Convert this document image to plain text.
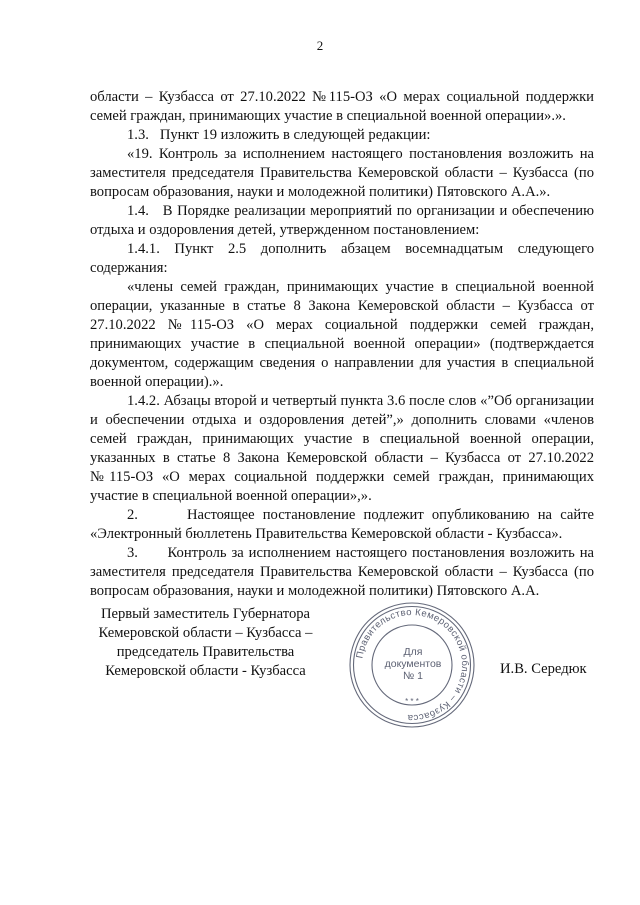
2

области – Кузбасса от 27.10.2022 №115-ОЗ «О мерах социальной поддержки семей граждан, принимающих участие в специальной военной операции».».

1.3.   Пункт 19 изложить в следующей редакции:

«19. Контроль за исполнением настоящего постановления возложить на заместителя председателя Правительства Кемеровской области – Кузбасса (по вопросам образования, науки и молодежной политики) Пятовского А.А.».

1.4.   В Порядке реализации мероприятий по организации и обеспечению отдыха и оздоровления детей, утвержденном постановлением:

1.4.1. Пункт 2.5 дополнить абзацем восемнадцатым следующего содержания:

«члены семей граждан, принимающих участие в специальной военной операции, указанные в статье 8 Закона Кемеровской области – Кузбасса от 27.10.2022 №115-ОЗ «О мерах социальной поддержки семей граждан, принимающих участие в специальной военной операции» (подтверждается документом, содержащим сведения о направлении для участия в специальной военной операции).».

1.4.2. Абзацы второй и четвертый пункта 3.6 после слов «”Об организации и обеспечении отдыха и оздоровления детей”,» дополнить словами «членов семей граждан, принимающих участие в специальной военной операции, указанных в статье 8 Закона Кемеровской области – Кузбасса от 27.10.2022 №115-ОЗ «О мерах социальной поддержки семей граждан, принимающих участие в специальной военной операции»,».

2.      Настоящее постановление подлежит опубликованию на сайте «Электронный бюллетень Правительства Кемеровской области - Кузбасса».

3.      Контроль за исполнением настоящего постановления возложить на заместителя председателя Правительства Кемеровской области – Кузбасса (по вопросам образования, науки и молодежной политики) Пятовского А.А.

Первый заместитель Губернатора
Кемеровской области – Кузбасса –
председатель Правительства
Кемеровской области - Кузбасса
Правительство Кемеровской области – Кузбасса
* * *
Для
документов
№ 1	И.В. Середюк
